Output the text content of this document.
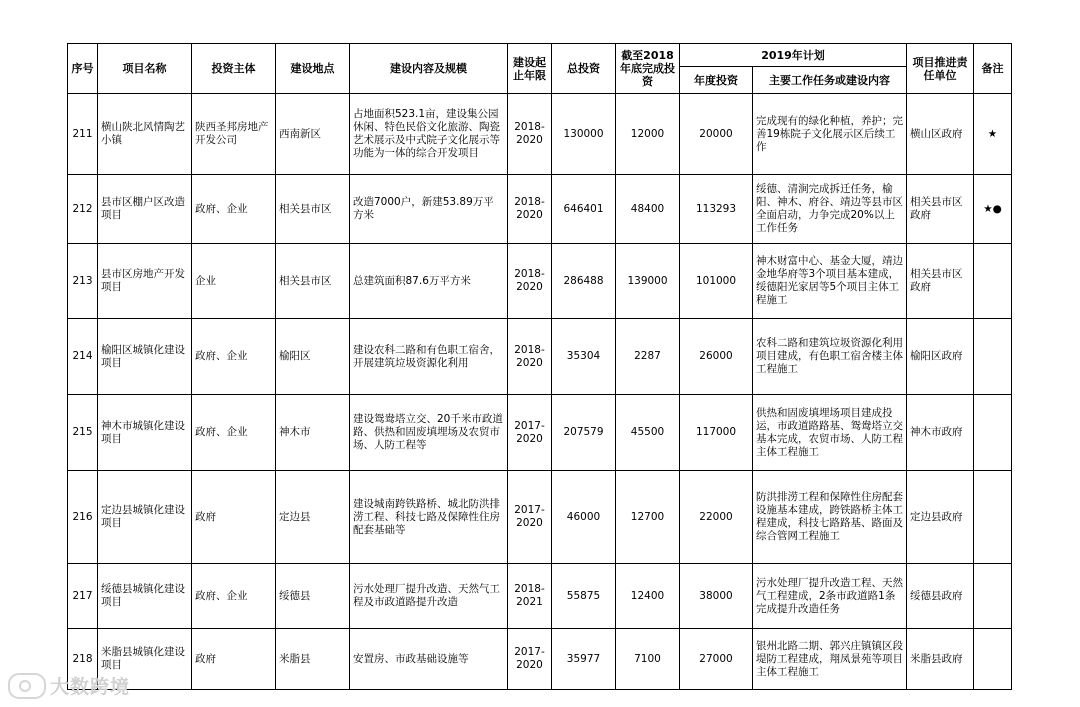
序号	项目名称	投资主体	建设地点	建设内容及规模	建设起止年限	总投资	截至2018年底完成投资	2019年计划		项目推进责任单位	备注
								年度投资	主要工作任务或建设内容		
211	横山陕北风情陶艺小镇	陕西圣邦房地产开发公司	西南新区	占地面积523.1亩，建设集公园休闲、特色民俗文化旅游、陶瓷艺术展示及中式院子文化展示等功能为一体的综合开发项目	2018-2020	130000	12000	20000	完成现有的绿化种植，养护；完善19栋院子文化展示区后续工作	横山区政府	★
212	县市区棚户区改造项目	政府、企业	相关县市区	改造7000户，新建53.89万平方米	2018-2020	646401	48400	113293	绥德、清涧完成拆迁任务，榆阳、神木、府谷、靖边等县市区全面启动，力争完成20%以上工作任务	相关县市区政府	★●
213	县市区房地产开发项目	企业	相关县市区	总建筑面积87.6万平方米	2018-2020	286488	139000	101000	神木财富中心、基金大厦，靖边金地华府等3个项目基本建成，绥德阳光家居等5个项目主体工程施工	相关县市区政府	
214	榆阳区城镇化建设项目	政府、企业	榆阳区	建设农科二路和有色职工宿舍，开展建筑垃圾资源化利用	2018-2020	35304	2287	26000	农科二路和建筑垃圾资源化利用项目建成，有色职工宿舍楼主体工程施工	榆阳区政府	
215	神木市城镇化建设项目	政府、企业	神木市	建设鸳鸯塔立交、20千米市政道路、供热和固废填埋场及农贸市场、人防工程等	2017-2020	207579	45500	117000	供热和固废填埋场项目建成投运，市政道路路基、鸳鸯塔立交基本完成，农贸市场、人防工程主体工程施工	神木市政府	
216	定边县城镇化建设项目	政府	定边县	建设城南跨铁路桥、城北防洪排涝工程、科技七路及保障性住房配套基础等	2017-2020	46000	12700	22000	防洪排涝工程和保障性住房配套设施基本建成，跨铁路桥主体工程建成，科技七路路基、路面及综合管网工程施工	定边县政府	
217	绥德县城镇化建设项目	政府、企业	绥德县	污水处理厂提升改造、天然气工程及市政道路提升改造	2018-2021	55875	12400	38000	污水处理厂提升改造工程、天然气工程建成，2条市政道路1条完成提升改造任务	绥德县政府	
218	米脂县城镇化建设项目	政府	米脂县	安置房、市政基础设施等	2017-2020	35977	7100	27000	银州北路二期、郭兴庄镇镇区段堤防工程建成，翔凤景苑等项目主体工程施工	米脂县政府	
大数跨境
